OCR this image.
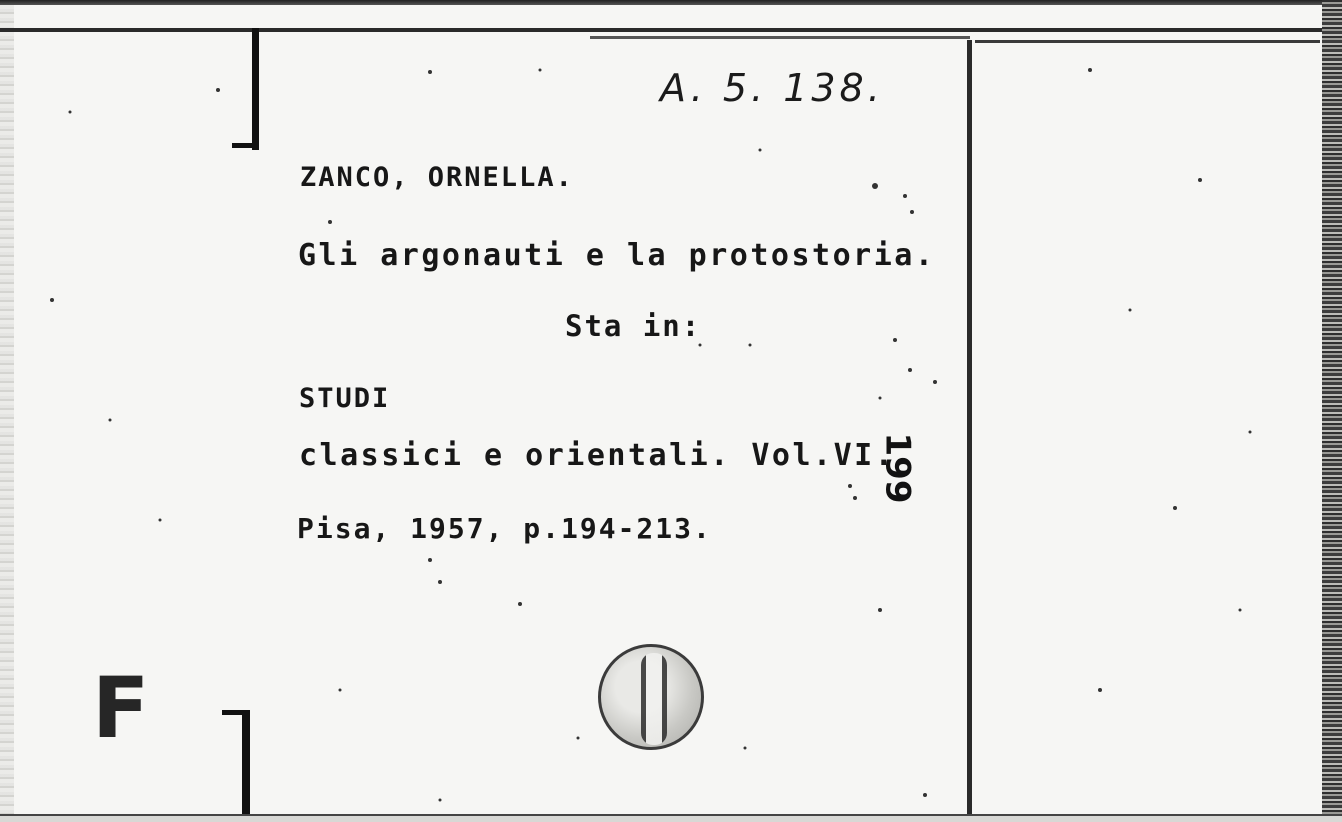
A. 5. 138.
ZANCO, ORNELLA.
Gli argonauti e la protostoria.
Sta in:
STUDI
classici e orientali. Vol.VI.
Pisa, 1957, p.194-213.
199
F
